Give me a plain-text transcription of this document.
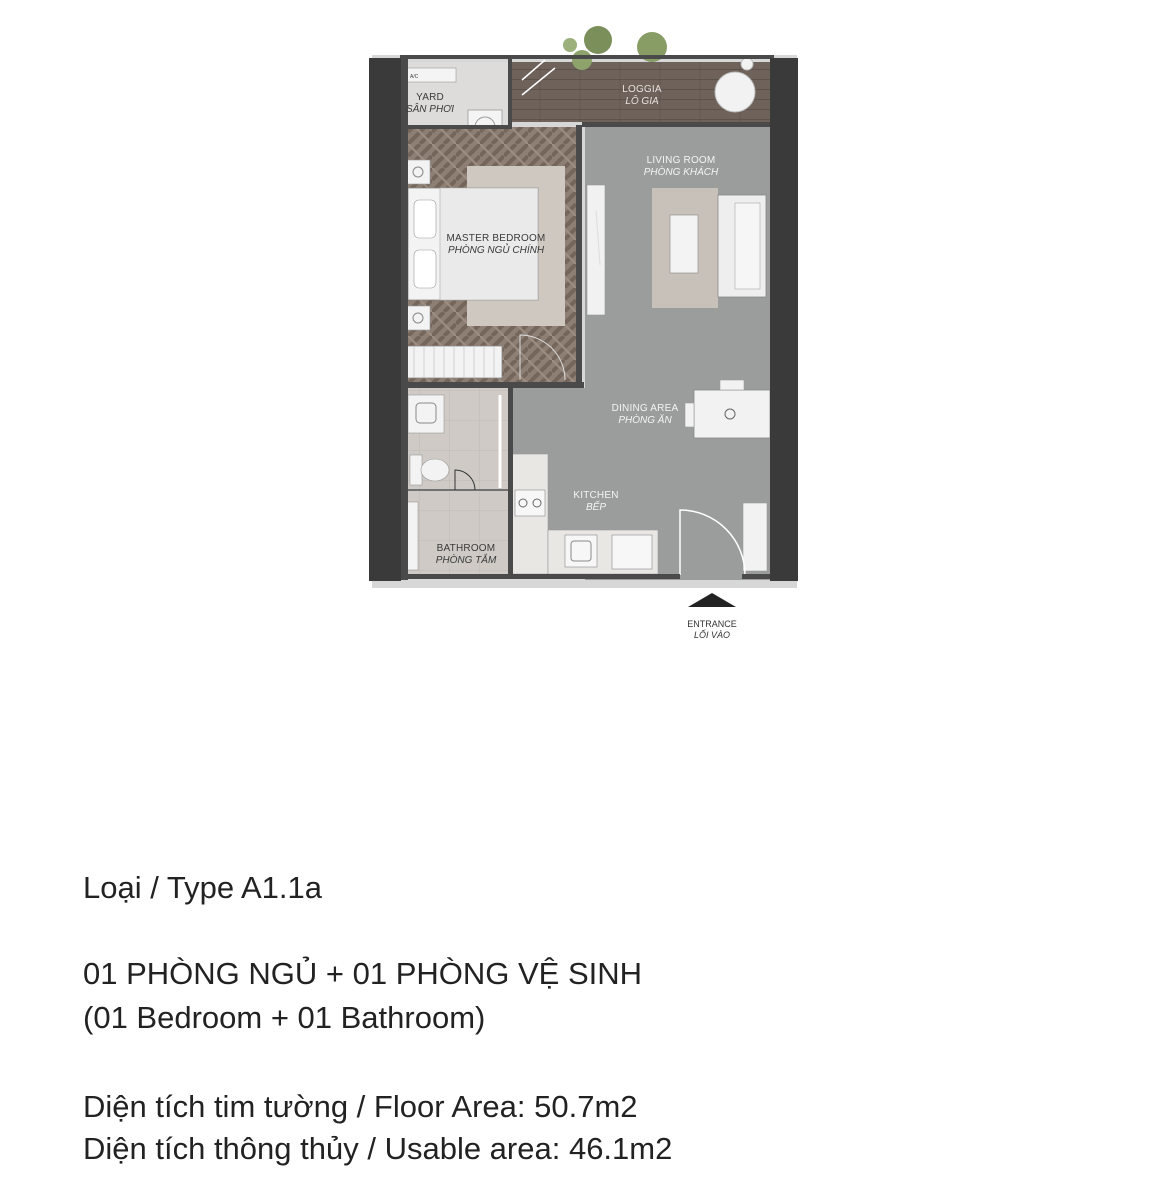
YARD
SÂN PHƠI
A/C
LOGGIA
LÔ GIA
LIVING ROOM
PHÒNG KHÁCH
MASTER BEDROOM
PHÒNG NGỦ CHÍNH
DINING AREA
PHÒNG ĂN
KITCHEN
BẾP
BATHROOM
PHÒNG TẮM
ENTRANCE
LỐI VÀO
Loại / Type A1.1a
01 PHÒNG NGỦ + 01 PHÒNG VỆ SINH
(01 Bedroom + 01 Bathroom)
Diện tích tim tường / Floor Area: 50.7m2
Diện tích thông thủy / Usable area: 46.1m2
